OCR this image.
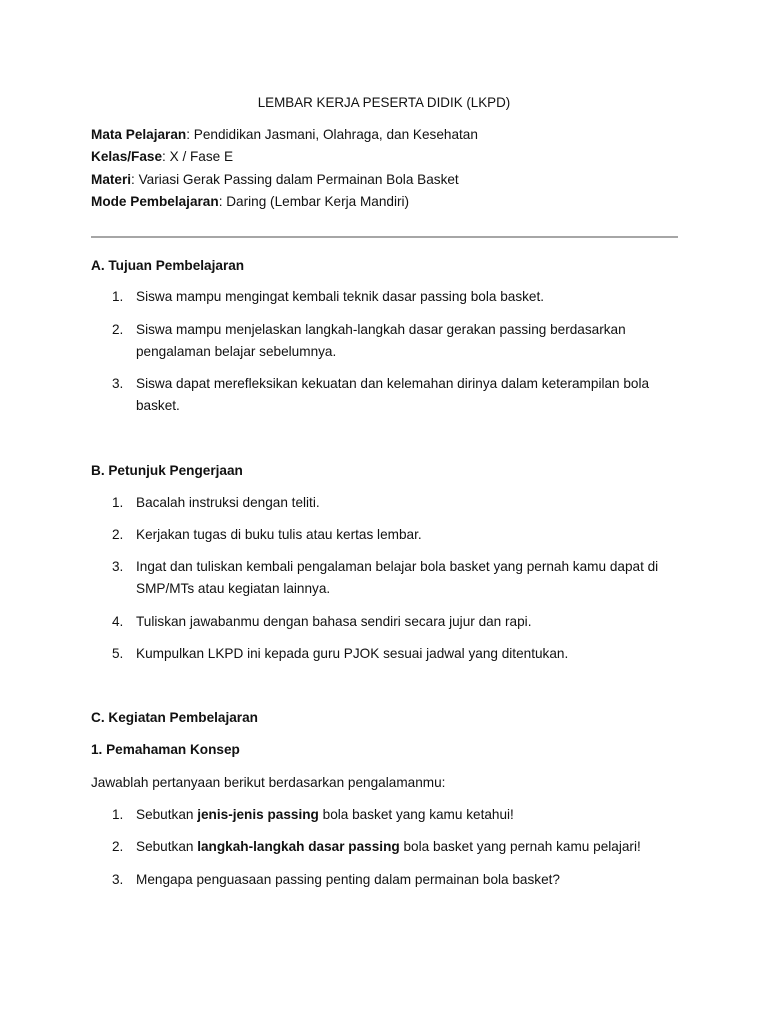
LEMBAR KERJA PESERTA DIDIK (LKPD)
Mata Pelajaran: Pendidikan Jasmani, Olahraga, dan Kesehatan
Kelas/Fase: X / Fase E
Materi: Variasi Gerak Passing dalam Permainan Bola Basket
Mode Pembelajaran: Daring (Lembar Kerja Mandiri)
A. Tujuan Pembelajaran
1. Siswa mampu mengingat kembali teknik dasar passing bola basket.
2. Siswa mampu menjelaskan langkah-langkah dasar gerakan passing berdasarkan pengalaman belajar sebelumnya.
3. Siswa dapat merefleksikan kekuatan dan kelemahan dirinya dalam keterampilan bola basket.
B. Petunjuk Pengerjaan
1. Bacalah instruksi dengan teliti.
2. Kerjakan tugas di buku tulis atau kertas lembar.
3. Ingat dan tuliskan kembali pengalaman belajar bola basket yang pernah kamu dapat di SMP/MTs atau kegiatan lainnya.
4. Tuliskan jawabanmu dengan bahasa sendiri secara jujur dan rapi.
5. Kumpulkan LKPD ini kepada guru PJOK sesuai jadwal yang ditentukan.
C. Kegiatan Pembelajaran
1. Pemahaman Konsep
Jawablah pertanyaan berikut berdasarkan pengalamanmu:
1. Sebutkan jenis-jenis passing bola basket yang kamu ketahui!
2. Sebutkan langkah-langkah dasar passing bola basket yang pernah kamu pelajari!
3. Mengapa penguasaan passing penting dalam permainan bola basket?
